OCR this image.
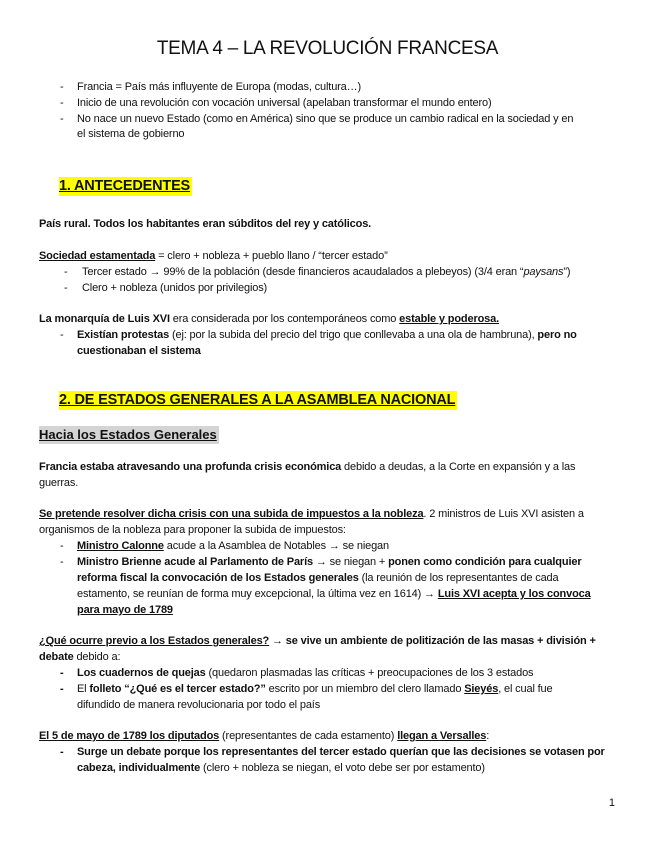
TEMA 4 – LA REVOLUCIÓN FRANCESA
- Francia = País más influyente de Europa (modas, cultura…)
- Inicio de una revolución con vocación universal (apelaban transformar el mundo entero)
- No nace un nuevo Estado (como en América) sino que se produce un cambio radical en la sociedad y en
el sistema de gobierno
1. ANTECEDENTES
País rural. Todos los habitantes eran súbditos del rey y católicos.
Sociedad estamentada = clero + nobleza + pueblo llano / “tercer estado”
- Tercer estado → 99% de la población (desde financieros acaudalados a plebeyos) (3/4 eran “paysans”)
- Clero + nobleza (unidos por privilegios)
La monarquía de Luis XVI era considerada por los contemporáneos como estable y poderosa.
- Existían protestas (ej: por la subida del precio del trigo que conllevaba a una ola de hambruna), pero no
cuestionaban el sistema
2. DE ESTADOS GENERALES A LA ASAMBLEA NACIONAL
Hacia los Estados Generales
Francia estaba atravesando una profunda crisis económica debido a deudas, a la Corte en expansión y a las
guerras.
Se pretende resolver dicha crisis con una subida de impuestos a la nobleza. 2 ministros de Luis XVI asisten a
organismos de la nobleza para proponer la subida de impuestos:
- Ministro Calonne acude a la Asamblea de Notables → se niegan
- Ministro Brienne acude al Parlamento de París → se niegan + ponen como condición para cualquier
reforma fiscal la convocación de los Estados generales (la reunión de los representantes de cada
estamento, se reunían de forma muy excepcional, la última vez en 1614) → Luis XVI acepta y los convoca
para mayo de 1789
¿Qué ocurre previo a los Estados generales? → se vive un ambiente de politización de las masas + división +
debate debido a:
- Los cuadernos de quejas (quedaron plasmadas las críticas + preocupaciones de los 3 estados
- El folleto “¿Qué es el tercer estado?” escrito por un miembro del clero llamado Sieyés, el cual fue
difundido de manera revolucionaria por todo el país
El 5 de mayo de 1789 los diputados (representantes de cada estamento) llegan a Versalles:
- Surge un debate porque los representantes del tercer estado querían que las decisiones se votasen por
cabeza, individualmente (clero + nobleza se niegan, el voto debe ser por estamento)
1
